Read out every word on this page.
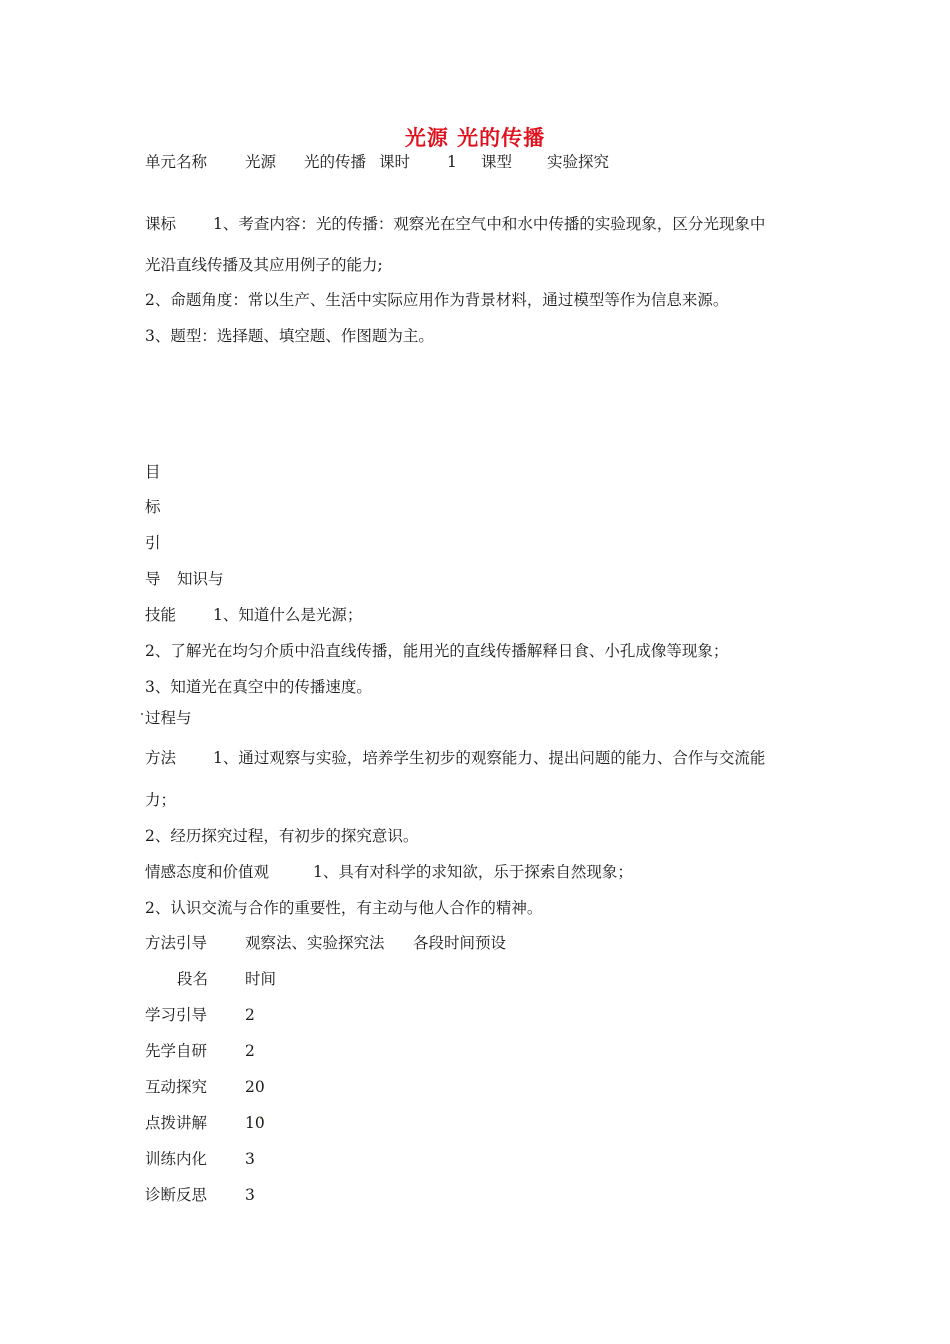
光源 光的传播
单元名称 光源 光的传播 课时 1 课型 实验探究
课标 1、考查内容：光的传播：观察光在空气中和水中传播的实验现象，区分光现象中
光沿直线传播及其应用例子的能力;
2、命题角度：常以生产、生活中实际应用作为背景材料，通过模型等作为信息来源。
3、题型：选择题、填空题、作图题为主。
目
标
引
导 知识与
技能 1、知道什么是光源；
2、了解光在均匀介质中沿直线传播，能用光的直线传播解释日食、小孔成像等现象；
3、知道光在真空中的传播速度。
过程与
方法 1、通过观察与实验，培养学生初步的观察能力、提出问题的能力、合作与交流能
力；
2、经历探究过程，有初步的探究意识。
情感态度和价值观	1、具有对科学的求知欲，乐于探索自然现象；
2、认识交流与合作的重要性，有主动与他人合作的精神。
方法引导 观察法、实验探究法 各段时间预设
段名 时间
学习引导 2
先学自研 2
互动探究 20
点拨讲解 10
训练内化 3
诊断反思 3
